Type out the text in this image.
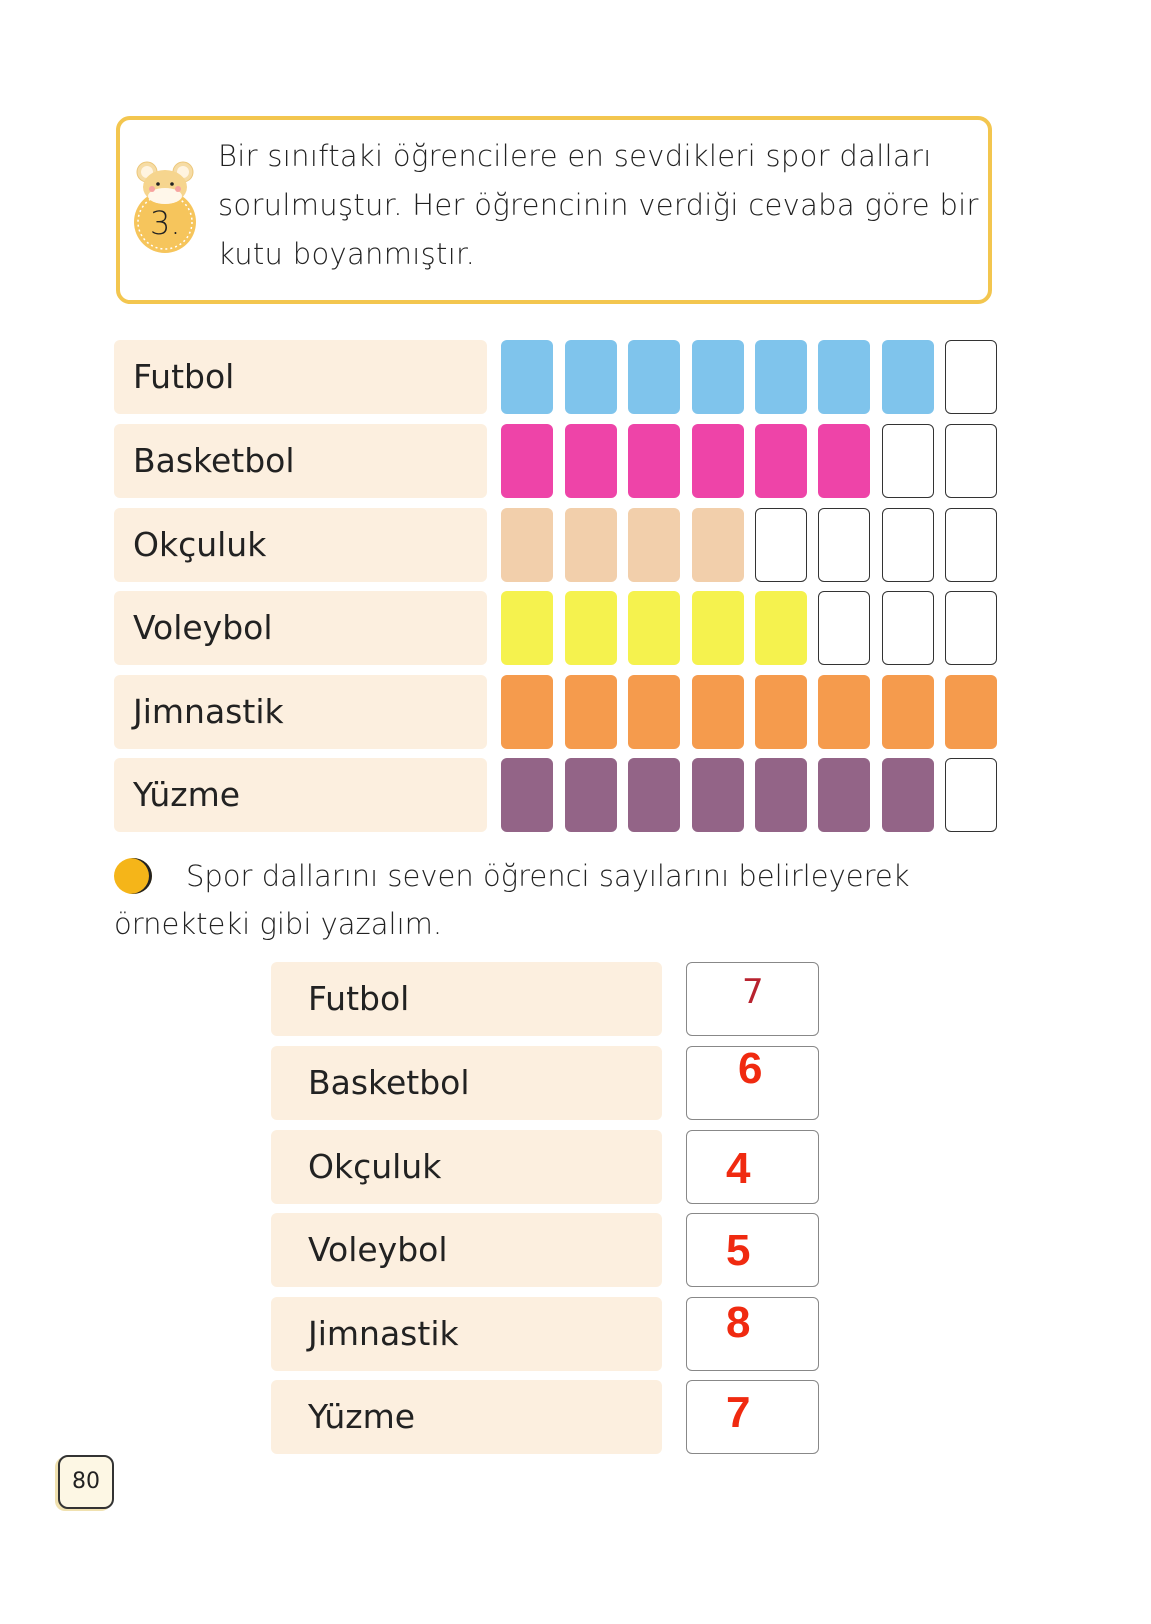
3.
Bir sınıftaki öğrencilere en sevdikleri spor dalları sorulmuştur. Her öğrencinin verdiği cevaba göre bir kutu boyanmıştır.
Futbol
Basketbol
Okçuluk
Voleybol
Jimnastik
Yüzme
Spor dallarını seven öğrenci sayılarını belirleyerek örnekteki gibi yazalım.
Futbol	7
Basketbol	6
Okçuluk	4
Voleybol	5
Jimnastik	8
Yüzme	7
80
